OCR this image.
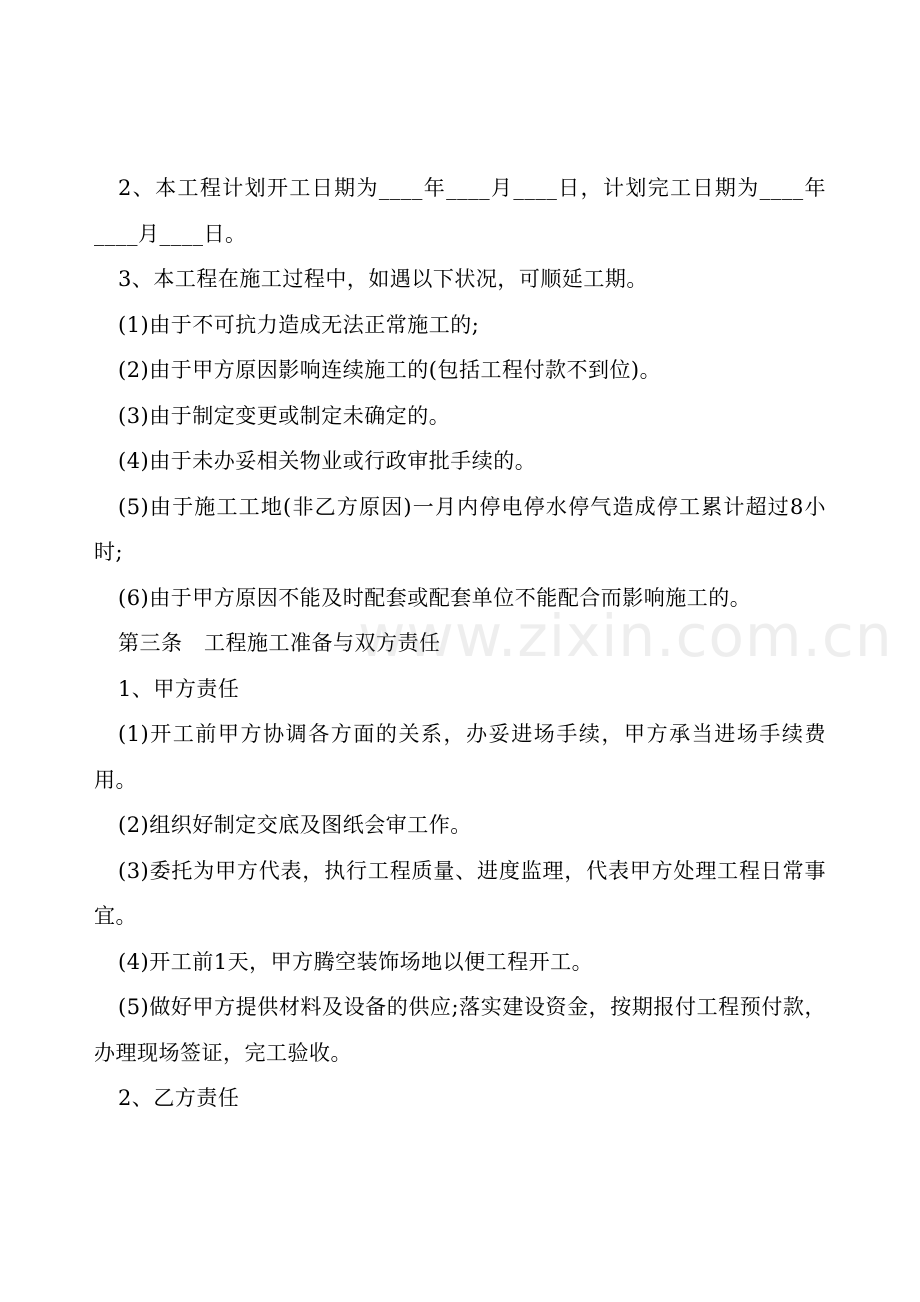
2、本工程计划开工日期为____年____月____日，计划完工日期为____年____月____日。

3、本工程在施工过程中，如遇以下状况，可顺延工期。

(1)由于不可抗力造成无法正常施工的;

(2)由于甲方原因影响连续施工的(包括工程付款不到位)。

(3)由于制定变更或制定未确定的。

(4)由于未办妥相关物业或行政审批手续的。

(5)由于施工工地(非乙方原因)一月内停电停水停气造成停工累计超过8小时;

(6)由于甲方原因不能及时配套或配套单位不能配合而影响施工的。

第三条　工程施工准备与双方责任

1、甲方责任

(1)开工前甲方协调各方面的关系，办妥进场手续，甲方承当进场手续费用。

(2)组织好制定交底及图纸会审工作。

(3)委托为甲方代表，执行工程质量、进度监理，代表甲方处理工程日常事宜。

(4)开工前1天，甲方腾空装饰场地以便工程开工。

(5)做好甲方提供材料及设备的供应;落实建设资金，按期报付工程预付款，办理现场签证，完工验收。

2、乙方责任

www.zixin.com.cn
